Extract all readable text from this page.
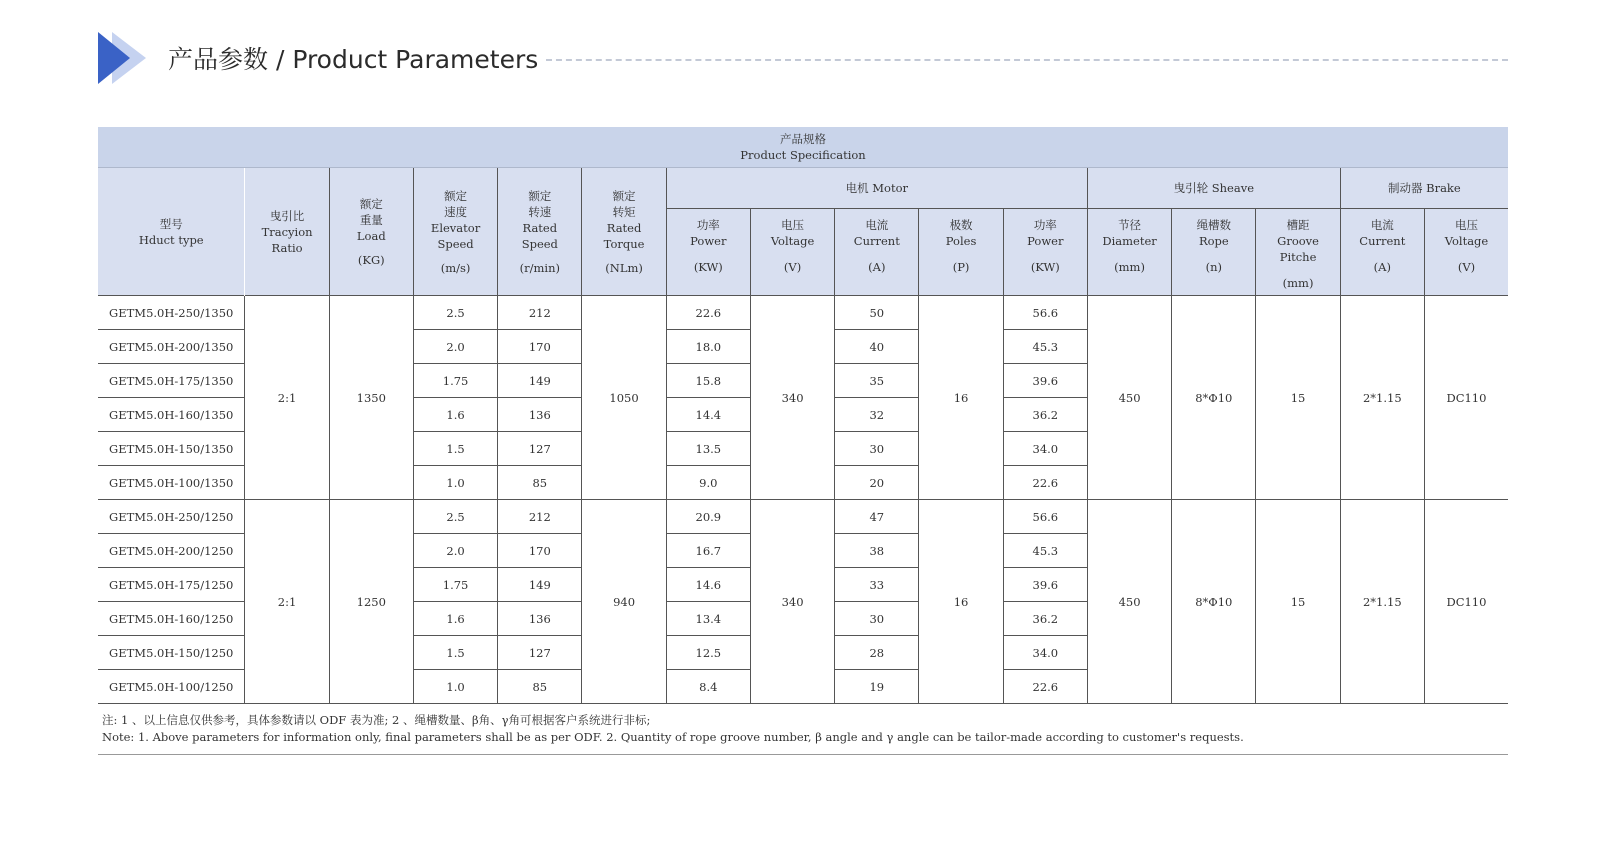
产品参数 / Product Parameters
产品规格
Product Specification															

型号
Hduct type	曳引比
Tracyion
Ratio	额定
重量
Load
(KG)	额定
速度
Elevator
Speed
(m/s)	额定
转速
Rated
Speed
(r/min)	额定
转矩
Rated
Torque
(NLm)	电机 Motor					曳引轮 Sheave			制动器 Brake	

						功率
Power
(KW)	电压
Voltage
(V)	电流
Current
(A)	极数
Poles
(P)	功率
Power
(KW)	节径
Diameter
(mm)	绳槽数
Rope
(n)	槽距
Groove
Pitche
(mm)	电流
Current
(A)	电压
Voltage
(V)

GETM5.0H-250/1350	2:1	1350	2.5	212	1050	22.6	340	50	16	56.6	450	8*Φ10	15	2*1.15	DC110
GETM5.0H-200/1350			2.0	170		18.0		40		45.3					
GETM5.0H-175/1350			1.75	149		15.8		35		39.6					
GETM5.0H-160/1350			1.6	136		14.4		32		36.2					
GETM5.0H-150/1350			1.5	127		13.5		30		34.0					
GETM5.0H-100/1350			1.0	85		9.0		20		22.6					
GETM5.0H-250/1250	2:1	1250	2.5	212	940	20.9	340	47	16	56.6	450	8*Φ10	15	2*1.15	DC110
GETM5.0H-200/1250			2.0	170		16.7		38		45.3					
GETM5.0H-175/1250			1.75	149		14.6		33		39.6					
GETM5.0H-160/1250			1.6	136		13.4		30		36.2					
GETM5.0H-150/1250			1.5	127		12.5		28		34.0					
GETM5.0H-100/1250			1.0	85		8.4		19		22.6					

注: 1 、以上信息仅供参考，具体参数请以 ODF 表为准; 2 、绳槽数量、β角、γ角可根据客户系统进行非标;
Note: 1. Above parameters for information only, final parameters shall be as per ODF. 2. Quantity of rope groove number, β angle and γ angle can be tailor-made according to customer's requests.															
